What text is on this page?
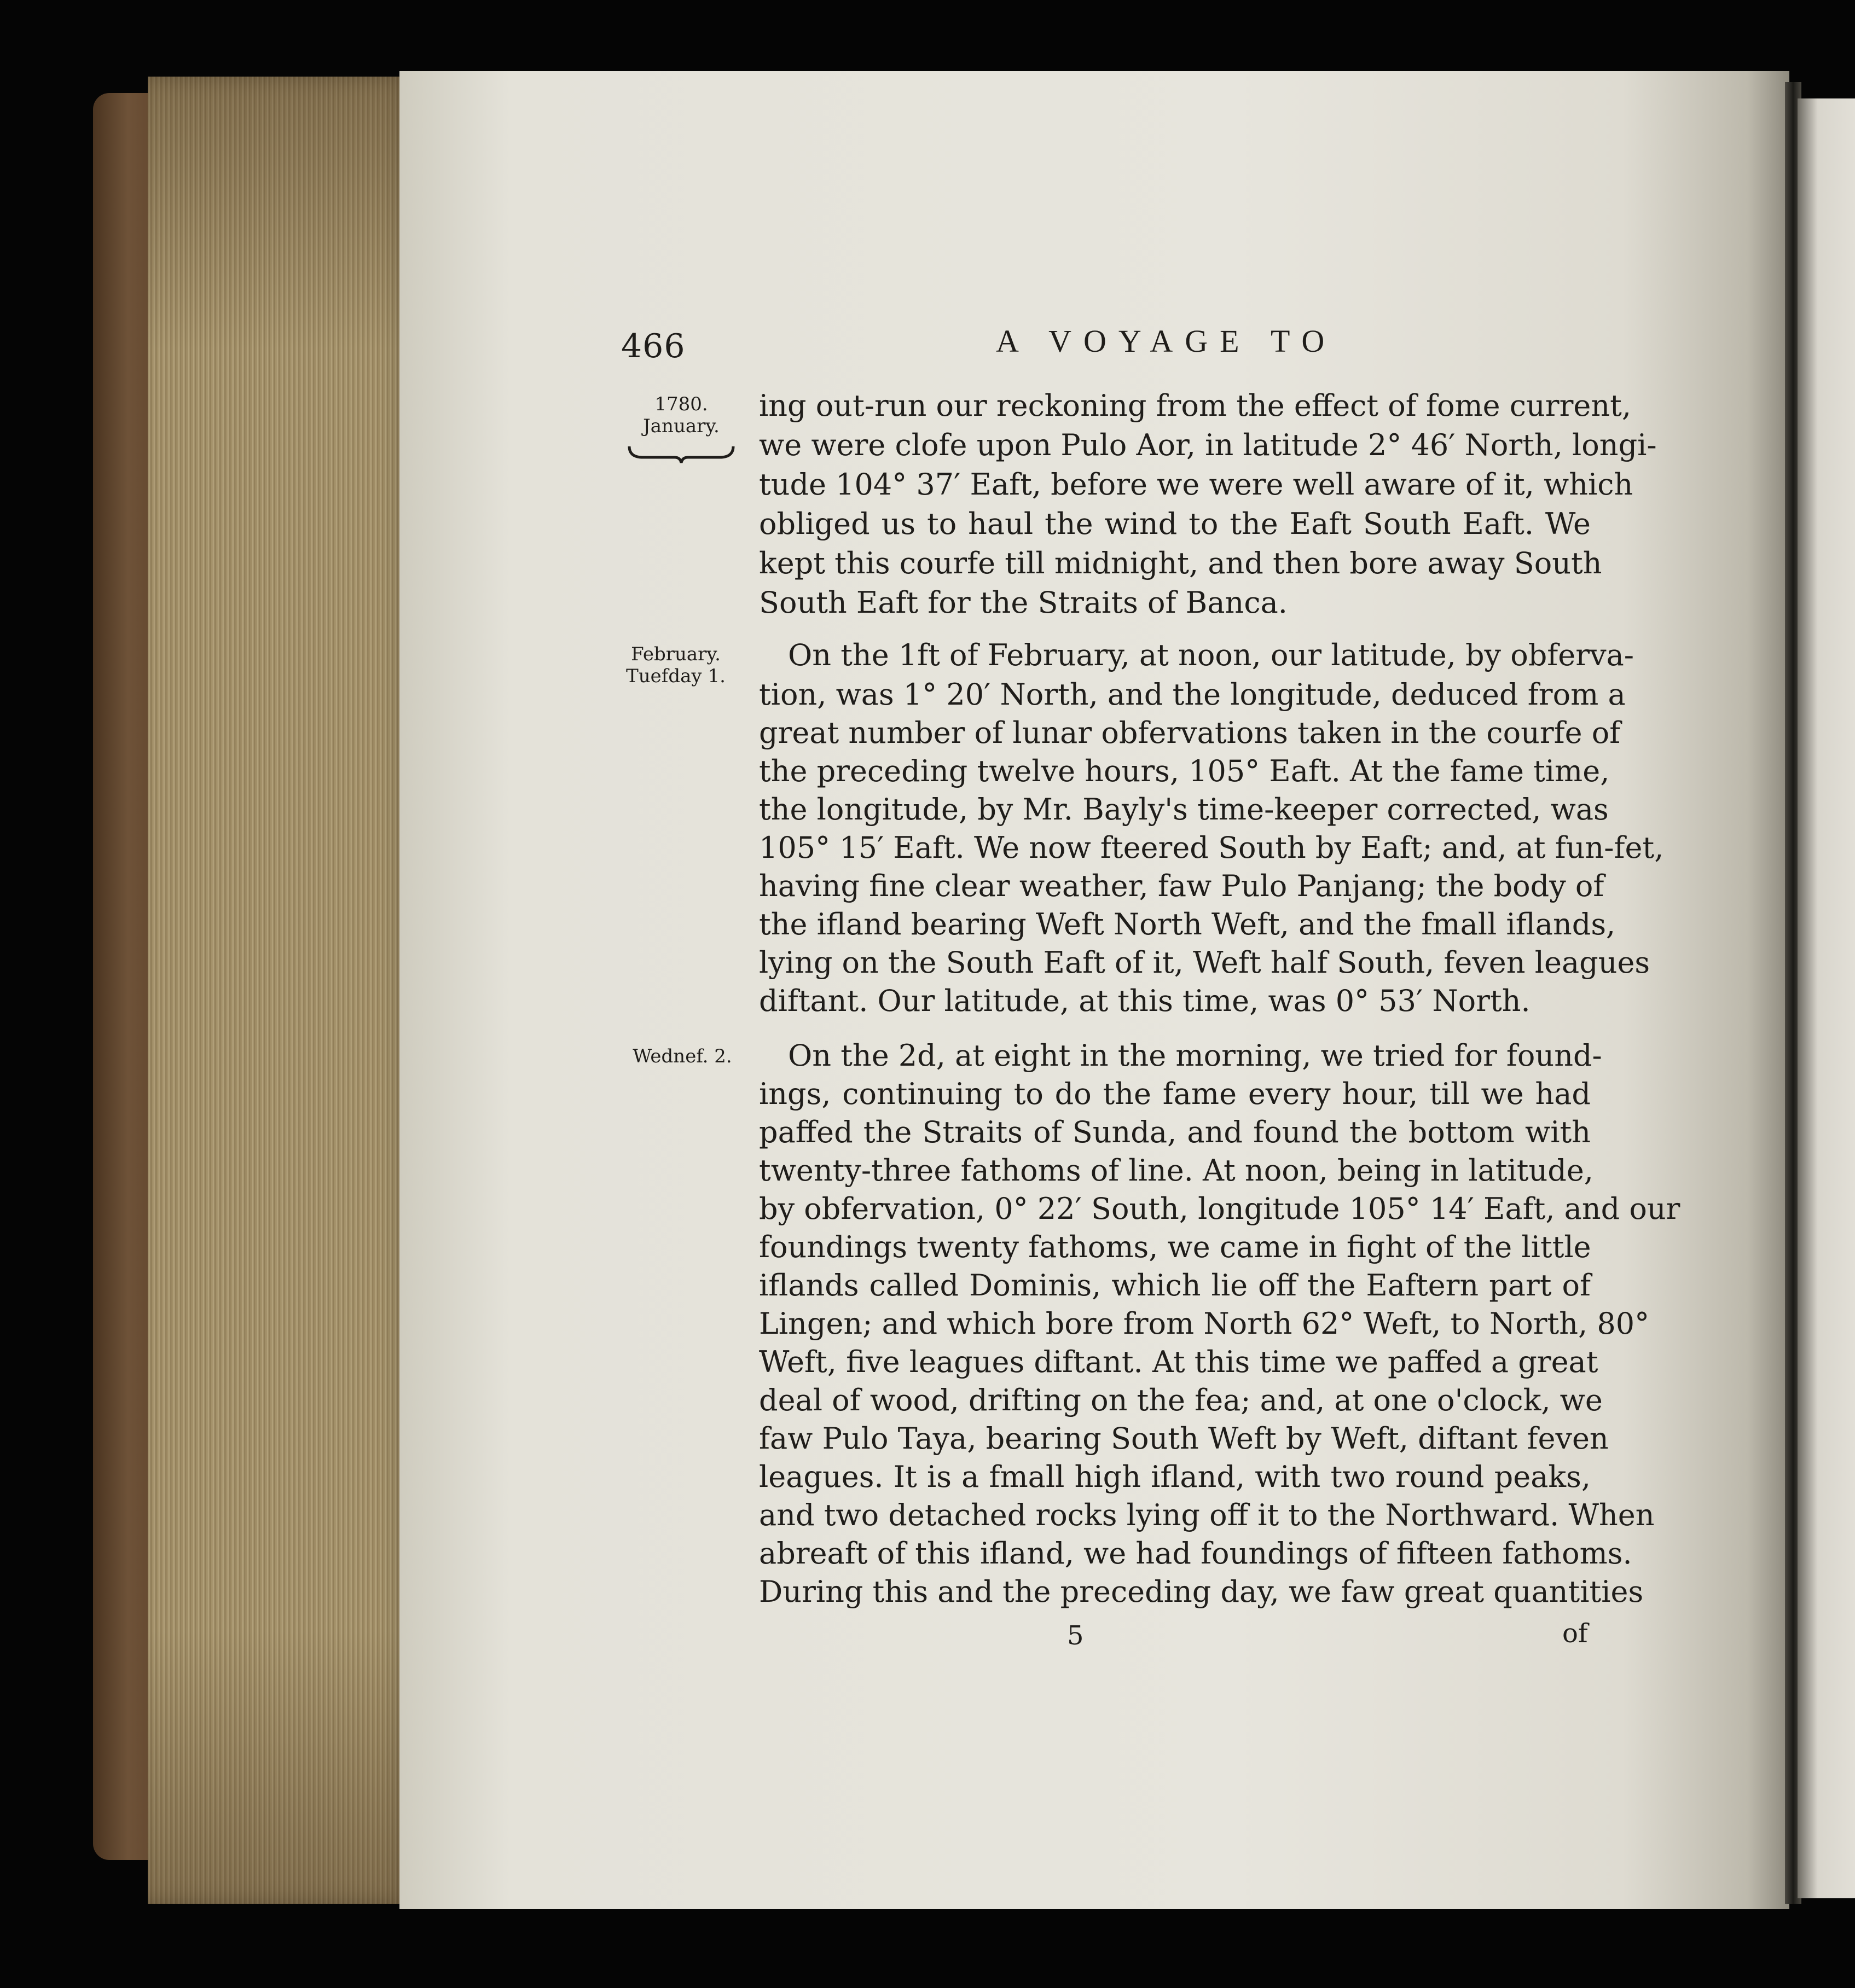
466	A VOYAGE TO
1780.
January.
February.
Tuefday 1.
Wednef. 2.
ing out-run our reckoning from the effect of fome current,
we were clofe upon Pulo Aor, in latitude 2° 46′ North, longi-
tude 104° 37′ Eaft, before we were well aware of it, which
obliged us to haul the wind to the Eaft South Eaft. We
kept this courfe till midnight, and then bore away South
South Eaft for the Straits of Banca.
On the 1ft of February, at noon, our latitude, by obferva-
tion, was 1° 20′ North, and the longitude, deduced from a
great number of lunar obfervations taken in the courfe of
the preceding twelve hours, 105° Eaft. At the fame time,
the longitude, by Mr. Bayly's time-keeper corrected, was
105° 15′ Eaft. We now fteered South by Eaft; and, at fun-fet,
having fine clear weather, faw Pulo Panjang; the body of
the ifland bearing Weft North Weft, and the fmall iflands,
lying on the South Eaft of it, Weft half South, feven leagues
diftant. Our latitude, at this time, was 0° 53′ North.
On the 2d, at eight in the morning, we tried for found-
ings, continuing to do the fame every hour, till we had
paffed the Straits of Sunda, and found the bottom with
twenty-three fathoms of line. At noon, being in latitude,
by obfervation, 0° 22′ South, longitude 105° 14′ Eaft, and our
foundings twenty fathoms, we came in fight of the little
iflands called Dominis, which lie off the Eaftern part of
Lingen; and which bore from North 62° Weft, to North, 80°
Weft, five leagues diftant. At this time we paffed a great
deal of wood, drifting on the fea; and, at one o'clock, we
faw Pulo Taya, bearing South Weft by Weft, diftant feven
leagues. It is a fmall high ifland, with two round peaks,
and two detached rocks lying off it to the Northward. When
abreaft of this ifland, we had foundings of fifteen fathoms.
During this and the preceding day, we faw great quantities
5	of
